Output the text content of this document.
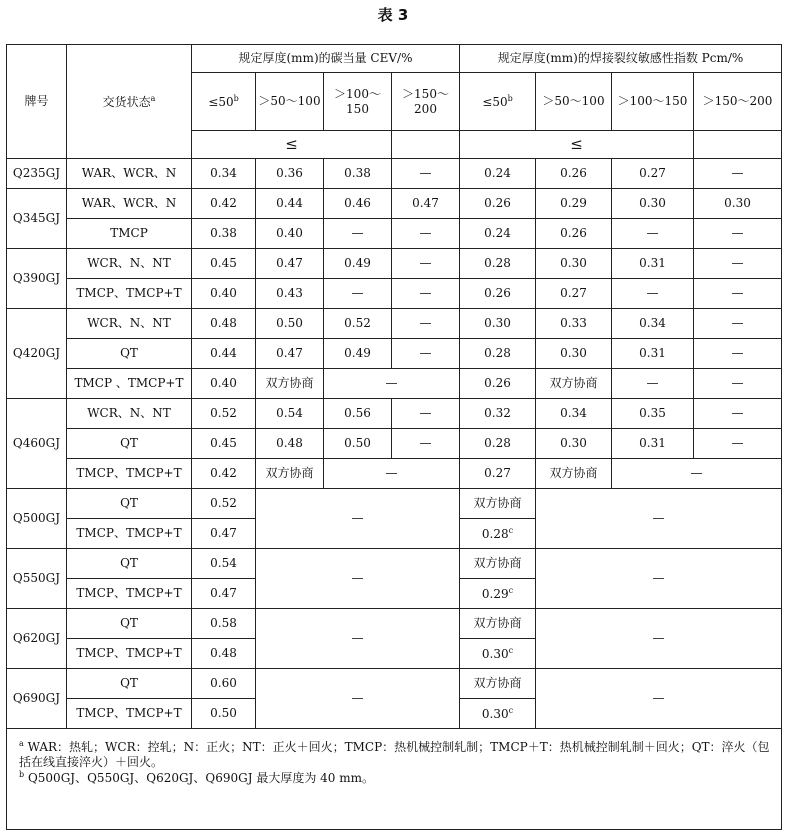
表 3
牌号	交货状态$^a$	规定厚度(mm)的碳当量 CEV/%				规定厚度(mm)的焊接裂纹敏感性指数 Pcm/%			
		$\le 50^b$	＞50～100	＞100～150	＞150～200	$\le 50^b$	＞50～100	＞100～150	＞150～200
		≤				≤			
Q235GJ	WAR、WCR、N	0.34	0.36	0.38	—	0.24	0.26	0.27	—
Q345GJ	WAR、WCR、N	0.42	0.44	0.46	0.47	0.26	0.29	0.30	0.30
	TMCP	0.38	0.40	—	—	0.24	0.26	—	—
Q390GJ	WCR、N、NT	0.45	0.47	0.49	—	0.28	0.30	0.31	—
	TMCP、TMCP+T	0.40	0.43	—	—	0.26	0.27	—	—
Q420GJ	WCR、N、NT	0.48	0.50	0.52	—	0.30	0.33	0.34	—
	QT	0.44	0.47	0.49	—	0.28	0.30	0.31	—
	TMCP 、TMCP+T	0.40	双方协商	—		0.26	双方协商	—	—
Q460GJ	WCR、N、NT	0.52	0.54	0.56	—	0.32	0.34	0.35	—
	QT	0.45	0.48	0.50	—	0.28	0.30	0.31	—
	TMCP、TMCP+T	0.42	双方协商	—		0.27	双方协商	—	
Q500GJ	QT	0.52	—			双方协商	—		
	TMCP、TMCP+T	0.47				0.28$^c$
Q550GJ	QT	0.54	—			双方协商	—		
	TMCP、TMCP+T	0.47				0.29$^c$
Q620GJ	QT	0.58	—			双方协商	—		
	TMCP、TMCP+T	0.48				0.30$^c$
Q690GJ	QT	0.60	—			双方协商	—		
	TMCP、TMCP+T	0.50				0.30$^c$

$^a$ WAR：热轧；WCR：控轧；N：正火；NT：正火＋回火；TMCP：热机械控制轧制；TMCP＋T：热机械控制轧制＋回火；QT：淬火（包括在线直接淬火）＋回火。

$^b$ Q500GJ、Q550GJ、Q620GJ、Q690GJ 最大厚度为 40 mm。									
